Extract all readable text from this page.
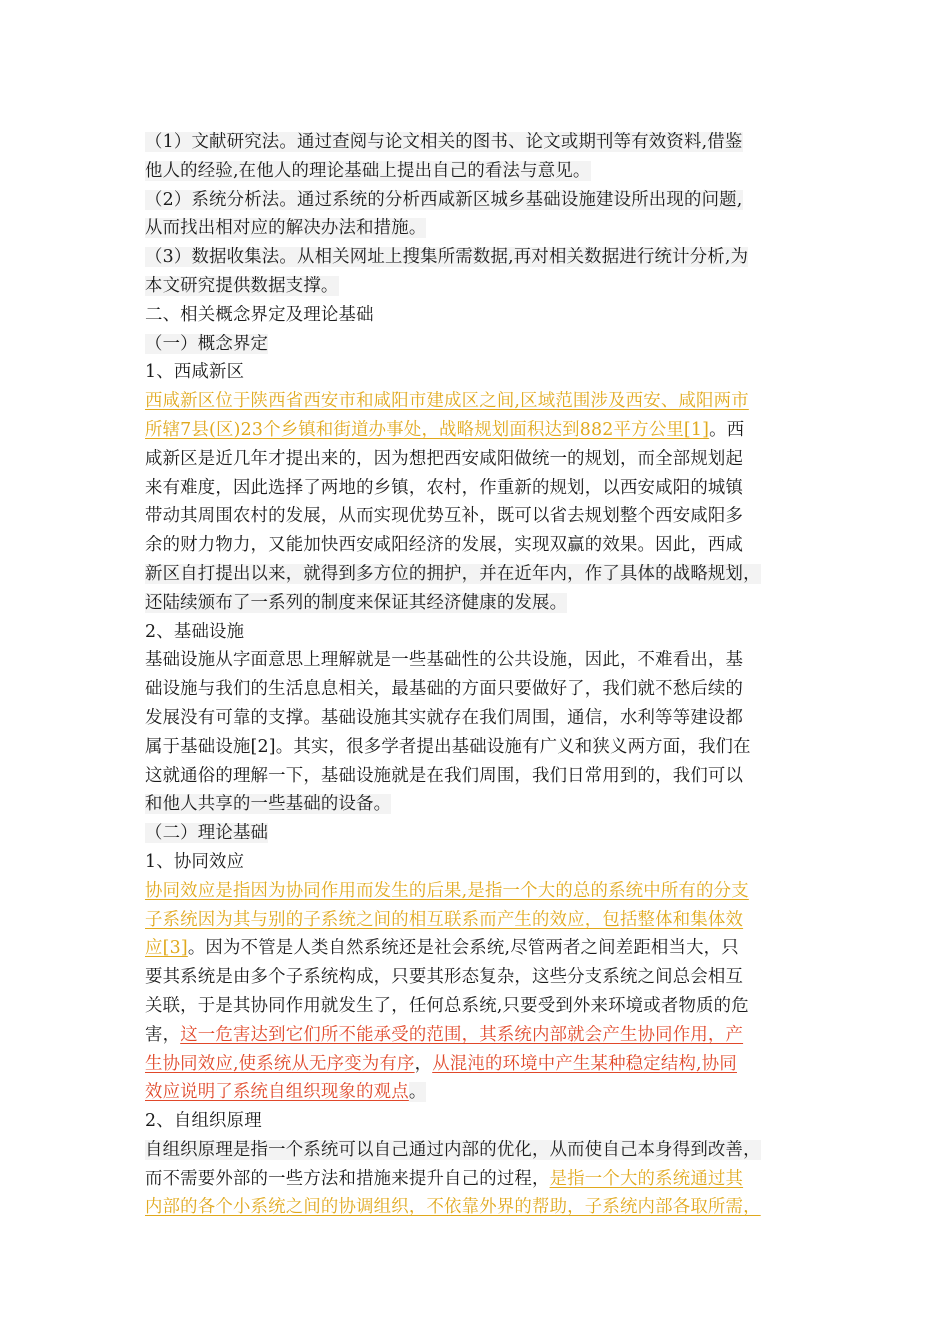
（1）文献研究法。通过查阅与论文相关的图书、论文或期刊等有效资料,借鉴
他人的经验,在他人的理论基础上提出自己的看法与意见。
（2）系统分析法。通过系统的分析西咸新区城乡基础设施建设所出现的问题,
从而找出相对应的解决办法和措施。
（3）数据收集法。从相关网址上搜集所需数据,再对相关数据进行统计分析,为
本文研究提供数据支撑。
二、相关概念界定及理论基础
（一）概念界定
1、西咸新区
西咸新区位于陕西省西安市和咸阳市建成区之间,区域范围涉及西安、咸阳两市
所辖7县(区)23个乡镇和街道办事处，战略规划面积达到882平方公里[1]。西
咸新区是近几年才提出来的，因为想把西安咸阳做统一的规划，而全部规划起
来有难度，因此选择了两地的乡镇，农村，作重新的规划，以西安咸阳的城镇
带动其周围农村的发展，从而实现优势互补，既可以省去规划整个西安咸阳多
余的财力物力，又能加快西安咸阳经济的发展，实现双赢的效果。因此，西咸
新区自打提出以来，就得到多方位的拥护，并在近年内，作了具体的战略规划，
还陆续颁布了一系列的制度来保证其经济健康的发展。
2、基础设施
基础设施从字面意思上理解就是一些基础性的公共设施，因此，不难看出，基
础设施与我们的生活息息相关，最基础的方面只要做好了，我们就不愁后续的
发展没有可靠的支撑。基础设施其实就存在我们周围，通信，水利等等建设都
属于基础设施[2]。其实，很多学者提出基础设施有广义和狭义两方面，我们在
这就通俗的理解一下，基础设施就是在我们周围，我们日常用到的，我们可以
和他人共享的一些基础的设备。
（二）理论基础
1、协同效应
协同效应是指因为协同作用而发生的后果,是指一个大的总的系统中所有的分支
子系统因为其与别的子系统之间的相互联系而产生的效应，包括整体和集体效
应[3]。因为不管是人类自然系统还是社会系统,尽管两者之间差距相当大，只
要其系统是由多个子系统构成，只要其形态复杂，这些分支系统之间总会相互
关联，于是其协同作用就发生了，任何总系统,只要受到外来环境或者物质的危
害，这一危害达到它们所不能承受的范围，其系统内部就会产生协同作用，产
生协同效应,使系统从无序变为有序，从混沌的环境中产生某种稳定结构,协同
效应说明了系统自组织现象的观点。
2、自组织原理
自组织原理是指一个系统可以自己通过内部的优化，从而使自己本身得到改善，
而不需要外部的一些方法和措施来提升自己的过程，是指一个大的系统通过其
内部的各个小系统之间的协调组织，不依靠外界的帮助，子系统内部各取所需，
